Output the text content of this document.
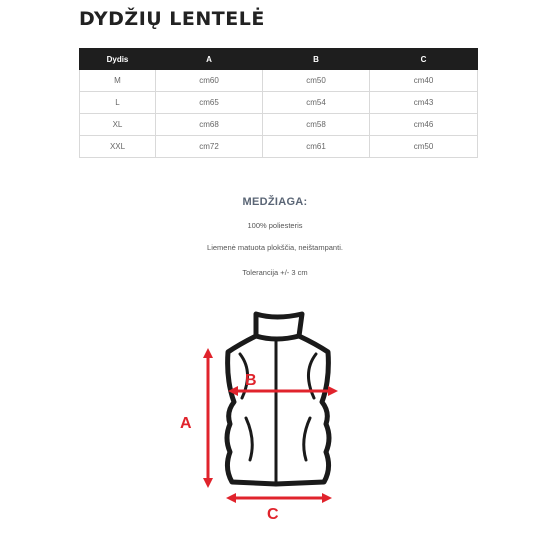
DYDŽIŲ LENTELĖ
Dydis	A	B	C
M	cm60	cm50	cm40
L	cm65	cm54	cm43
XL	cm68	cm58	cm46
XXL	cm72	cm61	cm50
MEDŽIAGA:
100% poliesteris
Liemenė matuota plokščia, neištampanti.
Tolerancija +/- 3 cm
A
B
C
